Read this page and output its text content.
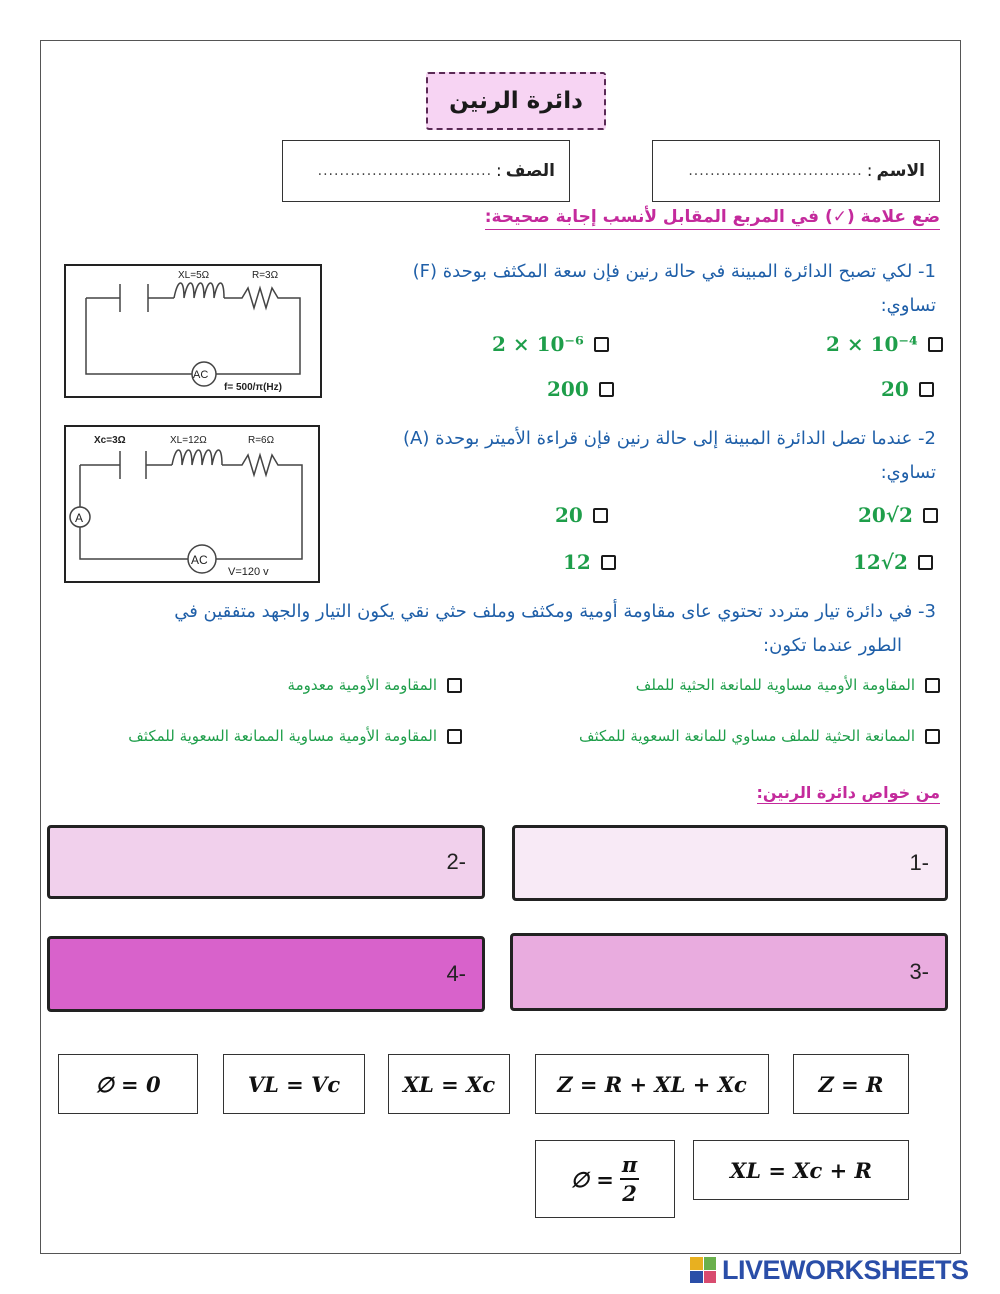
دائرة الرنين
الاسم
:
................................
الصف
:
................................
ضع علامة (✓) في المربع المقابل لأنسب إجابة صحيحة:
1- لكي تصبح الدائرة المبينة في حالة رنين فإن سعة المكثف بوحدة (F)
تساوي:
XL=5Ω	R=3Ω
AC
f= 500/π(Hz)
2 × 10⁻⁴
2 × 10⁻⁶
20
200
2- عندما تصل الدائرة المبينة إلى حالة رنين فإن قراءة الأميتر بوحدة (A)
تساوي:
Xc=3Ω	XL=12Ω	R=6Ω
A
AC
V=120 v
20√2
20
12√2
12
3- في دائرة تيار متردد تحتوي عاى مقاومة أومية ومكثف وملف حثي نقي يكون التيار والجهد متفقين في
الطور عندما تكون:
المقاومة الأومية مساوية للمانعة الحثية للملف
المقاومة الأومية معدومة
الممانعة الحثية للملف مساوي للمانعة السعوية للمكثف
المقاومة الأومية مساوية الممانعة السعوية للمكثف
من خواص دائرة الرنين:
1-
2-
3-
4-
∅ = 0	VL = Vc	XL = Xc	Z = R + XL + Xc	Z = R
∅ = $\frac{\pi}{2}$	XL = Xc + R
LIVEWORKSHEETS
